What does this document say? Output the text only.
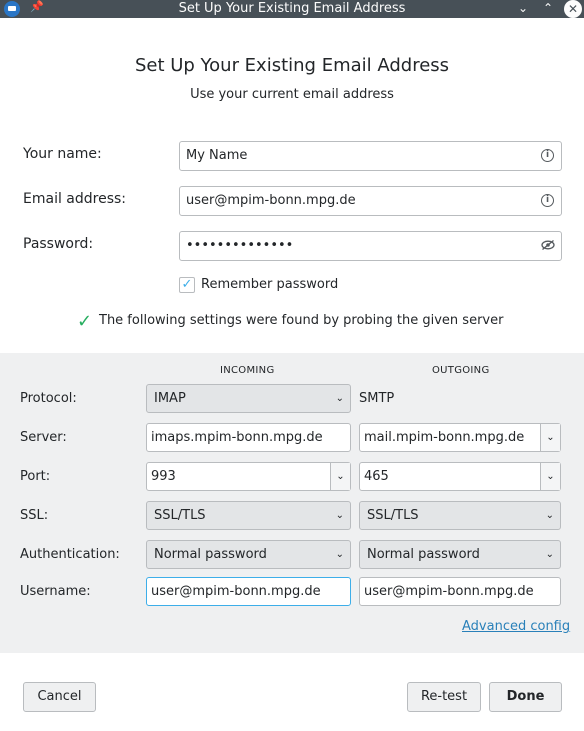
📌	Set Up Your Existing Email Address	⌄	⌃	✕
Set Up Your Existing Email Address
Use your current email address
Your name:	My Name	i
Email address:	user@mpim-bonn.mpg.de	i
Password:	••••••••••••••
✓ Remember password
✓ The following settings were found by probing the given server
INCOMING	OUTGOING
Protocol:	IMAP	⌄ SMTP
Server:	imaps.mpim-bonn.mpg.de	mail.mpim-bonn.mpg.de	⌄
Port:	993	⌄	465	⌄
SSL:	SSL/TLS	⌄	SSL/TLS	⌄
Authentication:	Normal password	⌄	Normal password	⌄
Username:	user@mpim-bonn.mpg.de	user@mpim-bonn.mpg.de
Advanced config
Cancel	Re-test	Done
